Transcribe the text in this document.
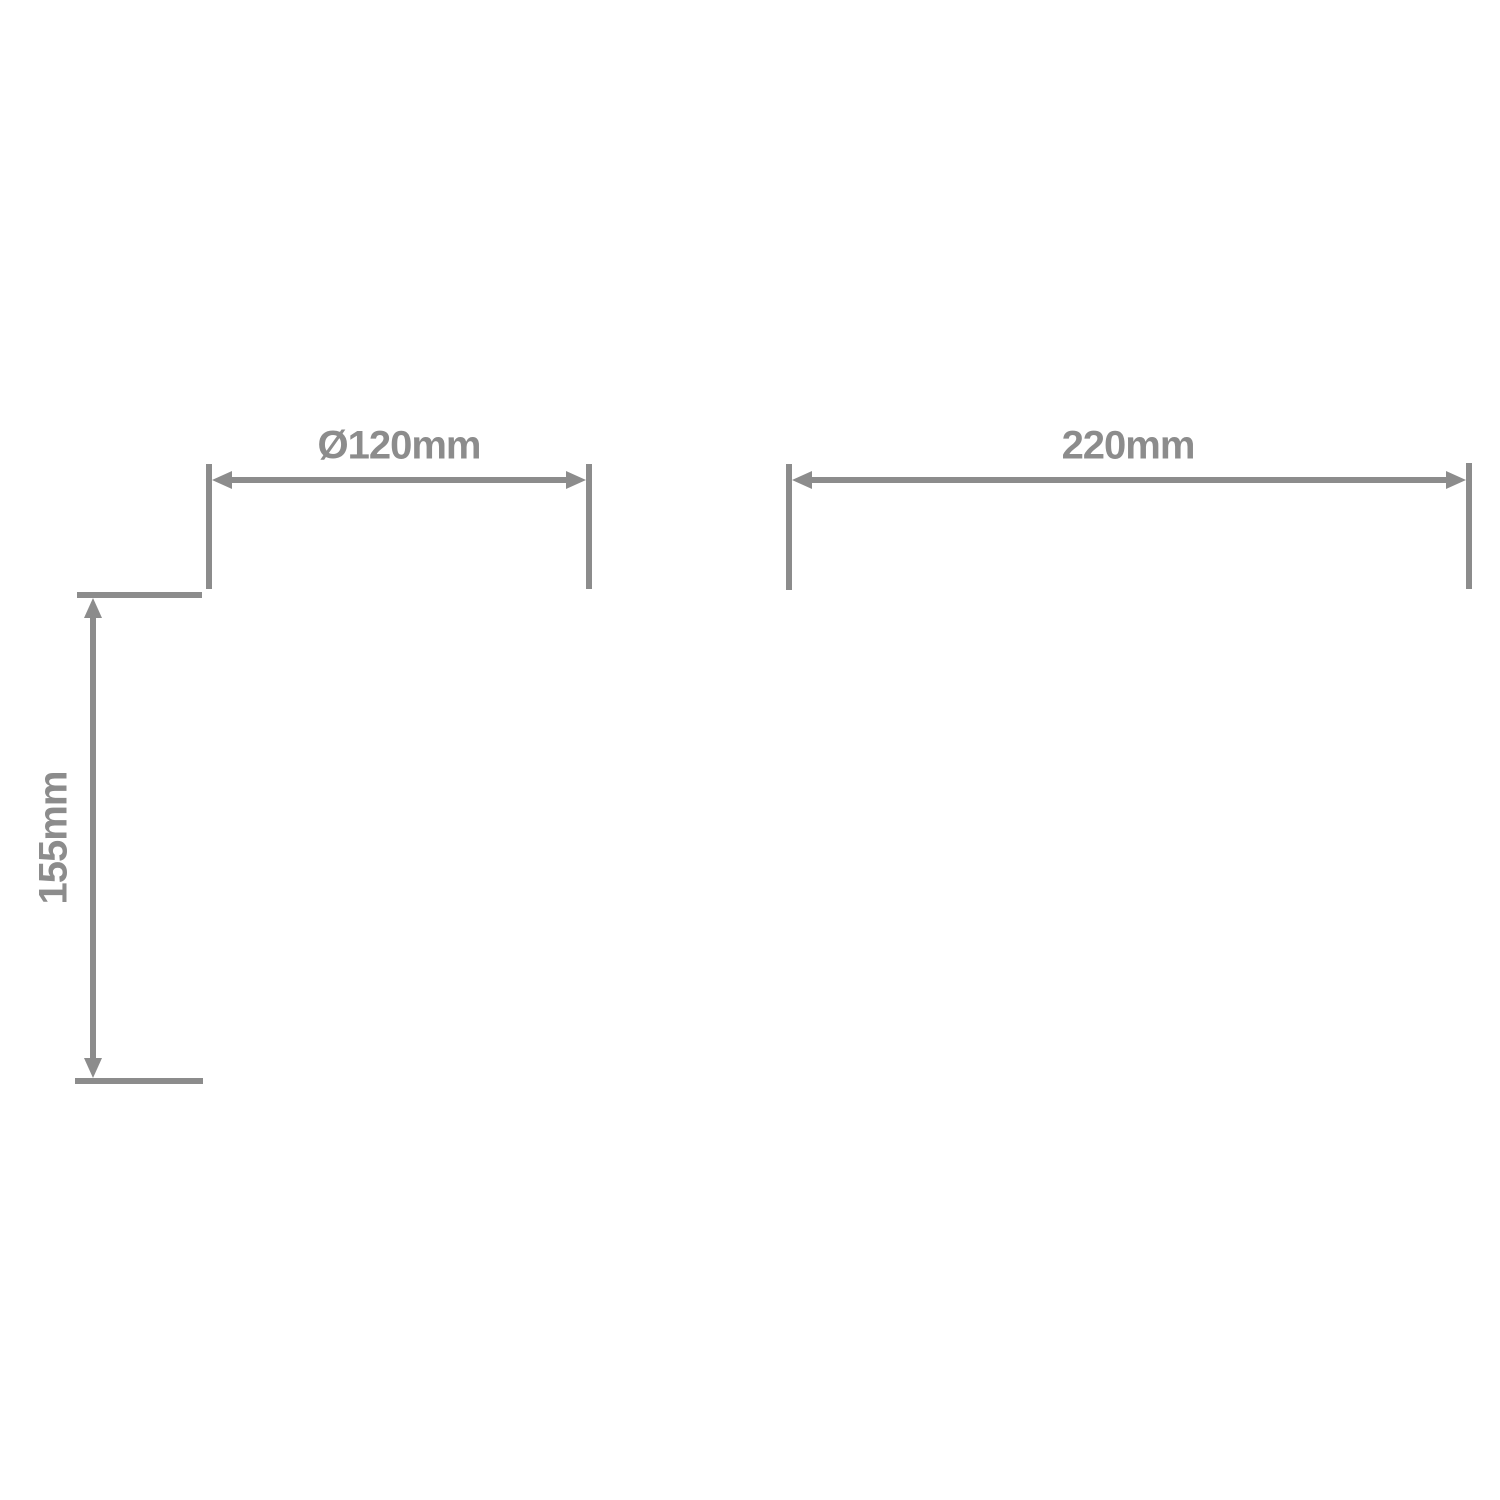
Ø120mm	220mm
155mm
